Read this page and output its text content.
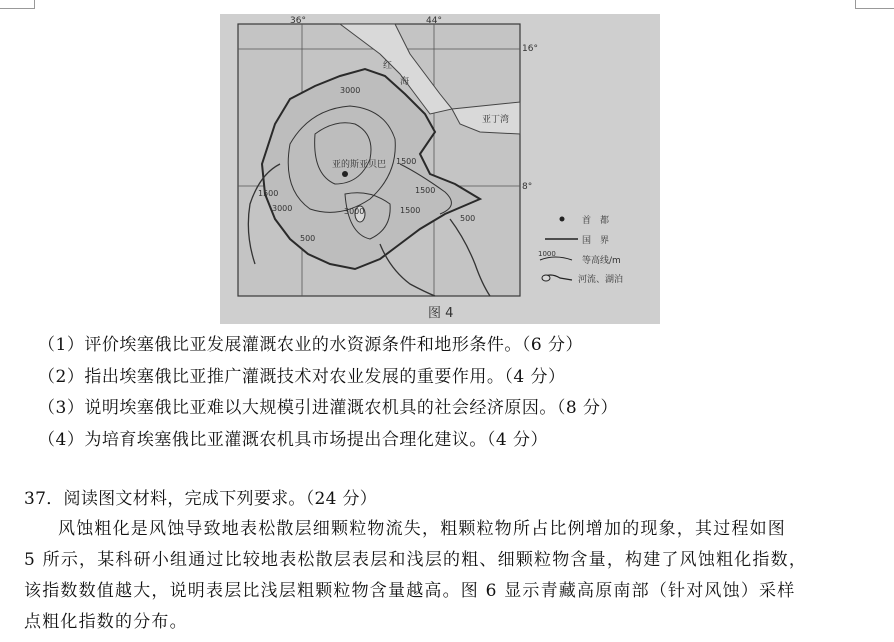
36°	44°
16°
8°
红
海
亚丁湾
亚的斯亚贝巴 1500
3000
1500
3000
3000	1500
500
1500
500
首　都
国　界
1000
等高线/m
河流、湖泊
图 4
（1）评价埃塞俄比亚发展灌溉农业的水资源条件和地形条件。（6 分）
（2）指出埃塞俄比亚推广灌溉技术对农业发展的重要作用。（4 分）
（3）说明埃塞俄比亚难以大规模引进灌溉农机具的社会经济原因。（8 分）
（4）为培育埃塞俄比亚灌溉农机具市场提出合理化建议。（4 分）
37．阅读图文材料，完成下列要求。（24 分）
风蚀粗化是风蚀导致地表松散层细颗粒物流失，粗颗粒物所占比例增加的现象，其过程如图
5 所示，某科研小组通过比较地表松散层表层和浅层的粗、细颗粒物含量，构建了风蚀粗化指数，
该指数数值越大，说明表层比浅层粗颗粒物含量越高。图 6 显示青藏高原南部（针对风蚀）采样
点粗化指数的分布。
